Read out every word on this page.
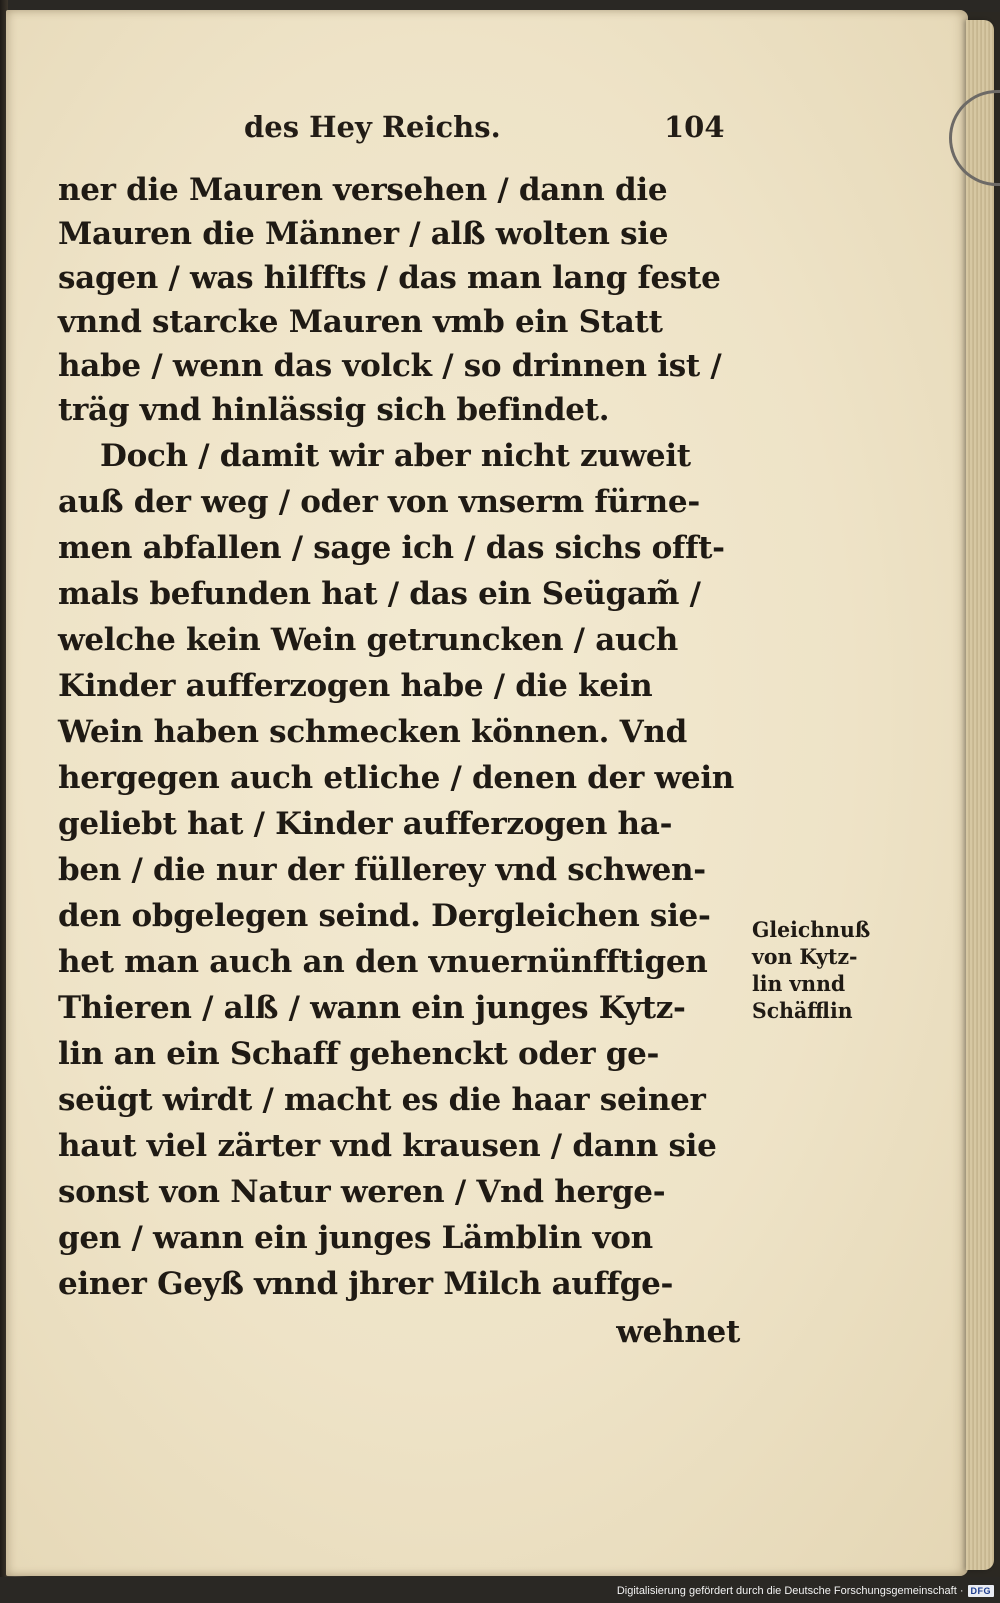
des Hey Reichs.	104
ner die Mauren versehen / dann die
Mauren die Männer / alß wolten sie
sagen / was hilffts / das man lang feste
vnnd starcke Mauren vmb ein Statt
habe / wenn das volck / so drinnen ist /
träg vnd hinlässig sich befindet.
Doch / damit wir aber nicht zuweit
auß der weg / oder von vnserm fürne-
men abfallen / sage ich / das sichs offt-
mals befunden hat / das ein Seügam̃ /
welche kein Wein getruncken / auch
Kinder aufferzogen habe / die kein
Wein haben schmecken können. Vnd
hergegen auch etliche / denen der wein
geliebt hat / Kinder aufferzogen ha-
ben / die nur der füllerey vnd schwen-
den obgelegen seind. Dergleichen sie-
het man auch an den vnuernünfftigen
Thieren / alß / wann ein junges Kytz-
lin an ein Schaff gehenckt oder ge-
seügt wirdt / macht es die haar seiner
haut viel zärter vnd krausen / dann sie
sonst von Natur weren / Vnd herge-
gen / wann ein junges Lämblin von
einer Geyß vnnd jhrer Milch auffge-
wehnet
Gleichnuß
von Kytz-
lin vnnd
Schäfflin
Digitalisierung gefördert durch die Deutsche Forschungsgemeinschaft · DFG
